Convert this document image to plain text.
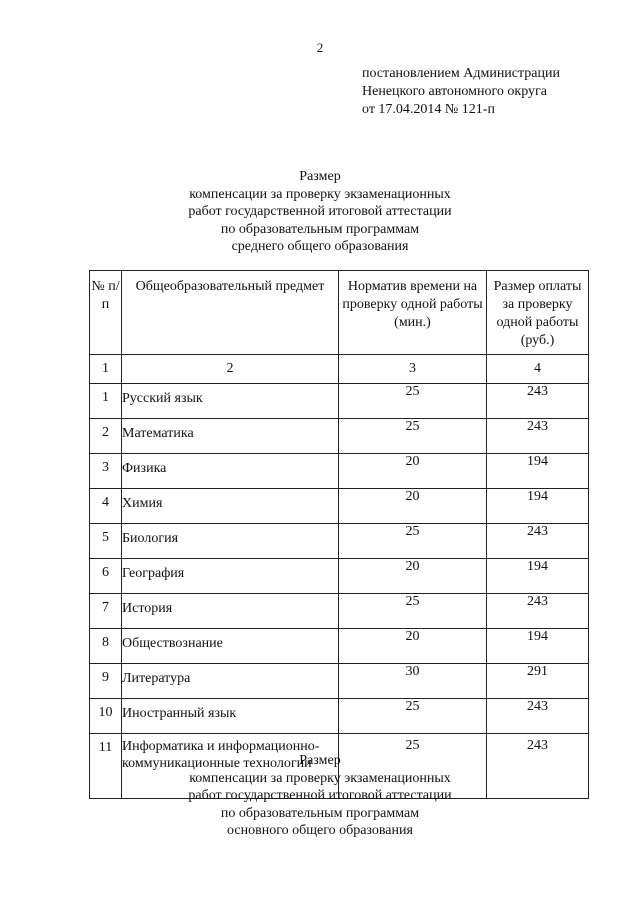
2
постановлением Администрации
Ненецкого автономного округа
от 17.04.2014 № 121-п
Размер
компенсации за проверку экзаменационных
работ государственной итоговой аттестации
по образовательным программам
среднего общего образования
№ п/п	Общеобразовательный предмет	Норматив времени на проверку одной работы (мин.)	Размер оплаты за проверку одной работы (руб.)
1	2	3	4
1	Русский язык	25	243
2	Математика	25	243
3	Физика	20	194
4	Химия	20	194
5	Биология	25	243
6	География	20	194
7	История	25	243
8	Обществознание	20	194
9	Литература	30	291
10	Иностранный язык	25	243
11	Информатика и информационно-коммуникационные технологии	25	243
Размер
компенсации за проверку экзаменационных
работ государственной итоговой аттестации
по образовательным программам
основного общего образования
